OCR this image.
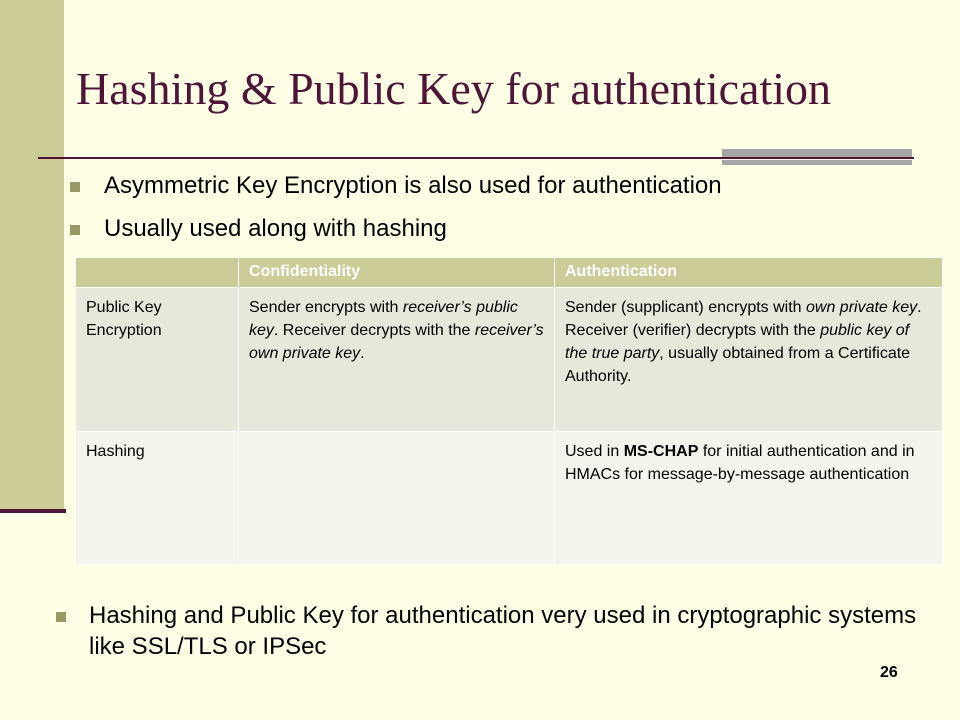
Hashing & Public Key for authentication
Asymmetric Key Encryption is also used for authentication
Usually used along with hashing
	Confidentiality	Authentication
Public Key Encryption	Sender encrypts with receiver’s public key. Receiver decrypts with the receiver’s own private key.	Sender (supplicant) encrypts with own private key. Receiver (verifier) decrypts with the public key of the true party, usually obtained from a Certificate Authority.
Hashing		Used in MS-CHAP for initial authentication and in HMACs for message-by-message authentication
Hashing and Public Key for authentication very used in cryptographic systems like SSL/TLS or IPSec
26
